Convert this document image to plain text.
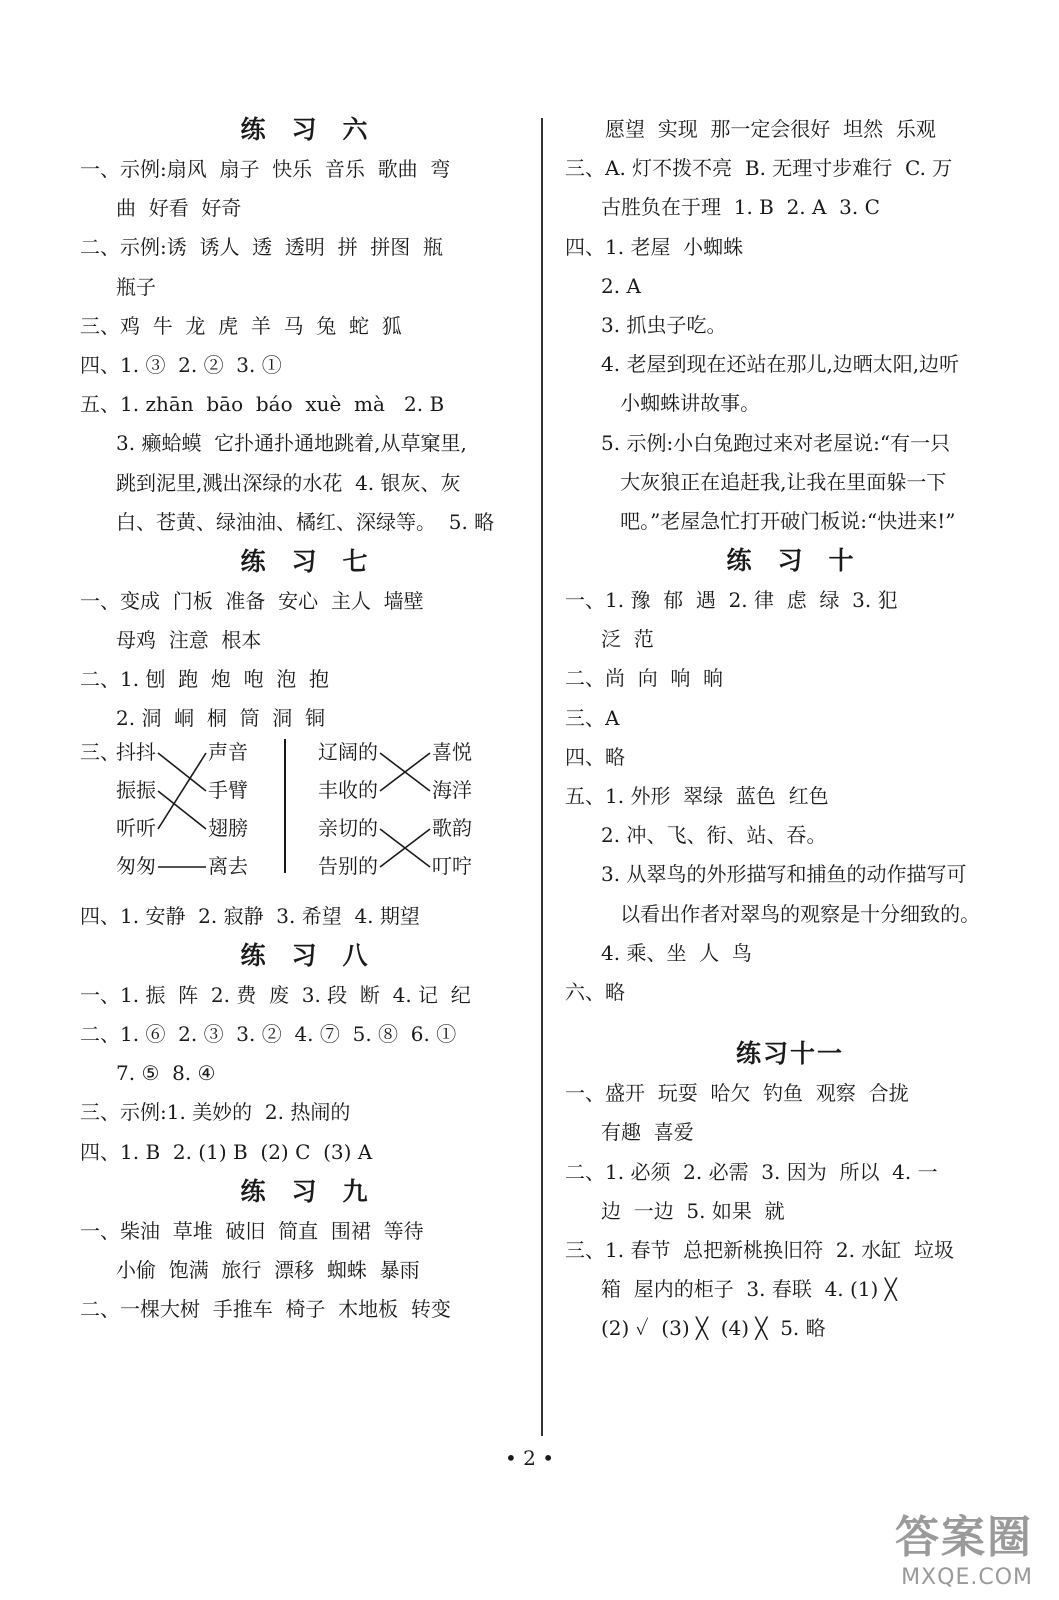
练习六
一、示例:扇风  扇子  快乐  音乐  歌曲  弯
曲  好看  好奇
二、示例:诱  诱人  透  透明  拼  拼图  瓶
瓶子
三、鸡  牛  龙  虎  羊  马  兔  蛇  狐
四、1. ③  2. ②  3. ①
五、1. zhān  bāo  báo  xuè  mà   2. B
3. 癞蛤蟆  它扑通扑通地跳着,从草窠里,
跳到泥里,溅出深绿的水花  4. 银灰、灰
白、苍黄、绿油油、橘红、深绿等。  5. 略
练习七
一、变成  门板  准备  安心  主人  墙壁
母鸡  注意  根本
二、1. 刨  跑  炮  咆  泡  抱
2. 洞  峒  桐  筒  洞  铜
三、
抖抖	声音	辽阔的	喜悦
振振	手臂	丰收的	海洋
听听	翅膀	亲切的	歌韵
匆匆	离去	告别的	叮咛
四、1. 安静  2. 寂静  3. 希望  4. 期望
练习八
一、1. 振  阵  2. 费  废  3. 段  断  4. 记  纪
二、1. ⑥  2. ③  3. ②  4. ⑦  5. ⑧  6. ①
7. ⑤  8. ④
三、示例:1. 美妙的  2. 热闹的
四、1. B  2. (1) B  (2) C  (3) A
练习九
一、柴油  草堆  破旧  简直  围裙  等待
小偷  饱满  旅行  漂移  蜘蛛  暴雨
二、一棵大树  手推车  椅子  木地板  转变
愿望  实现  那一定会很好  坦然  乐观
三、A. 灯不拨不亮  B. 无理寸步难行  C. 万
古胜负在于理  1. B  2. A  3. C
四、1. 老屋  小蜘蛛
2. A
3. 抓虫子吃。
4. 老屋到现在还站在那儿,边晒太阳,边听
小蜘蛛讲故事。
5. 示例:小白兔跑过来对老屋说:“有一只
大灰狼正在追赶我,让我在里面躲一下
吧。”老屋急忙打开破门板说:“快进来!”
练习十
一、1. 豫  郁  遇  2. 律  虑  绿  3. 犯
泛  范
二、尚  向  响  晌
三、A
四、略
五、1. 外形  翠绿  蓝色  红色
2. 冲、飞、衔、站、吞。
3. 从翠鸟的外形描写和捕鱼的动作描写可
以看出作者对翠鸟的观察是十分细致的。
4. 乘、坐  人  鸟
六、略
练习十一
一、盛开  玩耍  哈欠  钓鱼  观察  合拢
有趣  喜爱
二、1. 必须  2. 必需  3. 因为  所以  4. 一
边  一边  5. 如果  就
三、1. 春节  总把新桃换旧符  2. 水缸  垃圾
箱  屋内的柜子  3. 春联  4. (1) ╳
(2) ✓  (3) ╳  (4) ╳  5. 略
• 2 •
答案圈
MXQE.COM
